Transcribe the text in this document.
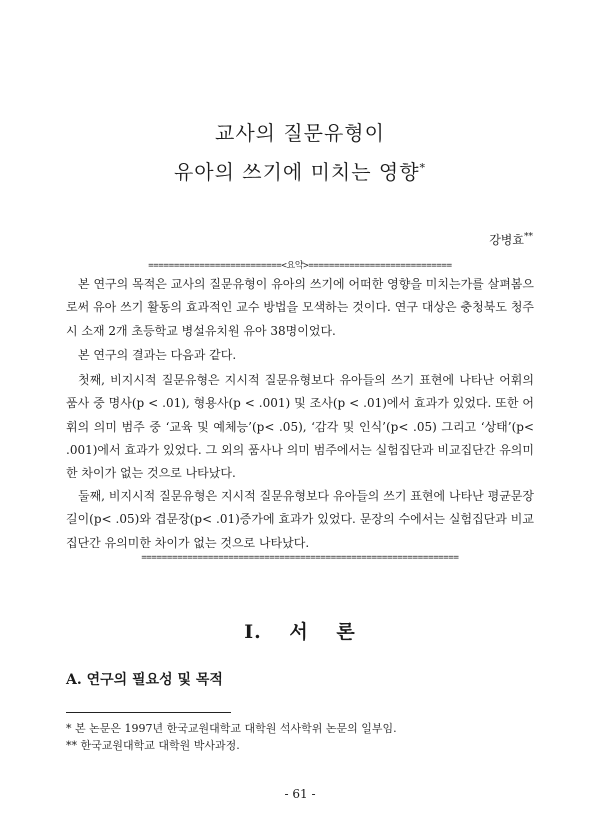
교사의 질문유형이
유아의 쓰기에 미치는 영향*
강병효**
==========================<요약>============================

본 연구의 목적은 교사의 질문유형이 유아의 쓰기에 어떠한 영향을 미치는가를 살펴봄으로써 유아 쓰기 활동의 효과적인 교수 방법을 모색하는 것이다. 연구 대상은 충청북도 청주시 소재 2개 초등학교 병설유치원 유아 38명이었다.

본 연구의 결과는 다음과 같다.

첫째, 비지시적 질문유형은 지시적 질문유형보다 유아들의 쓰기 표현에 나타난 어휘의 품사 중 명사(p < .01), 형용사(p < .001) 및 조사(p < .01)에서 효과가 있었다. 또한 어휘의 의미 범주 중 ‘교육 및 예체능’(p< .05), ‘감각 및 인식’(p< .05) 그리고 ‘상태’(p< .001)에서 효과가 있었다. 그 외의 품사나 의미 범주에서는 실험집단과 비교집단간 유의미한 차이가 없는 것으로 나타났다.

둘째, 비지시적 질문유형은 지시적 질문유형보다 유아들의 쓰기 표현에 나타난 평균문장길이(p< .05)와 겹문장(p< .01)증가에 효과가 있었다. 문장의 수에서는 실험집단과 비교집단간 유의미한 차이가 없는 것으로 나타났다.

==============================================================
I. 서 론
A. 연구의 필요성 및 목적
* 본 논문은 1997년 한국교원대학교 대학원 석사학위 논문의 일부임.
** 한국교원대학교 대학원 박사과정.
- 61 -
